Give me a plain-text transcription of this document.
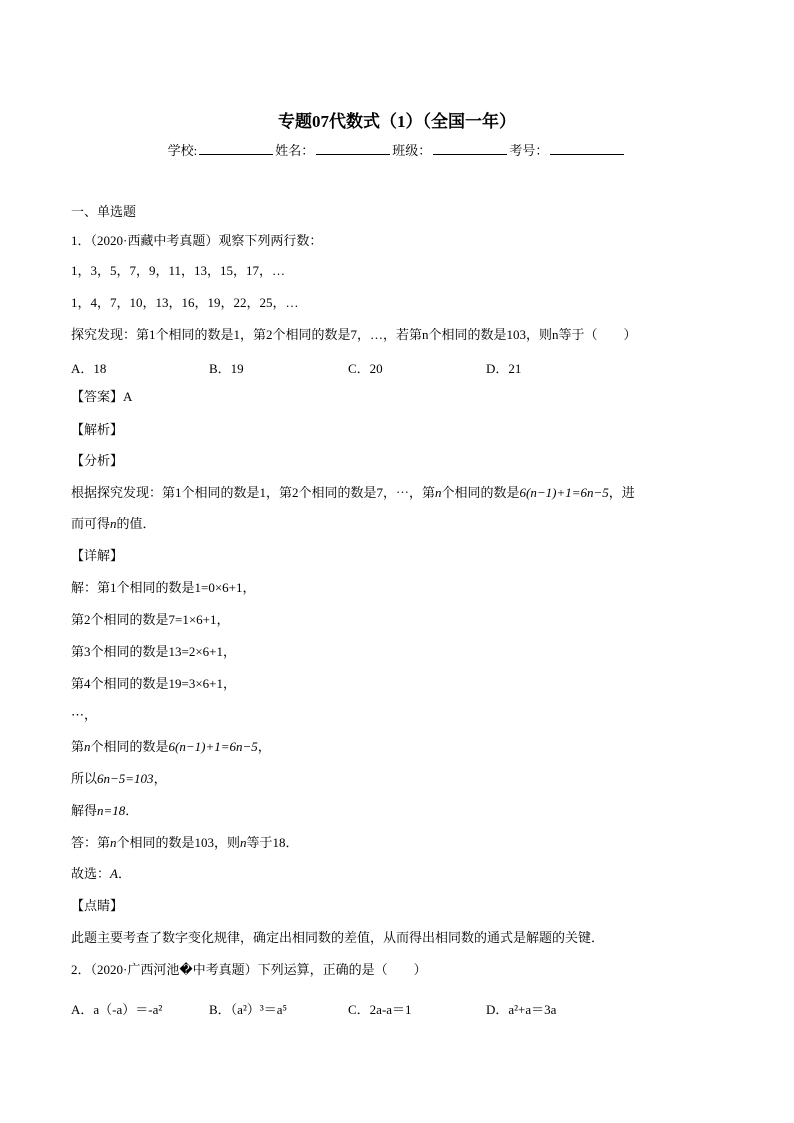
专题07代数式（1）（全国一年）
学校:	姓名：	班级：	考号：
一、单选题
1．（2020·西藏中考真题）观察下列两行数：
1，3，5，7，9，11，13，15，17，…
1，4，7，10，13，16，19，22，25，…
探究发现：第1个相同的数是1，第2个相同的数是7，…，若第n个相同的数是103，则n等于（　　）
A．18	B．19	C．20	D．21
【答案】A
【解析】
【分析】
根据探究发现：第1个相同的数是1，第2个相同的数是7，⋯，第n个相同的数是6(n−1)+1=6n−5，进
而可得n的值．
【详解】
解：第1个相同的数是1=0×6+1，
第2个相同的数是7=1×6+1，
第3个相同的数是13=2×6+1，
第4个相同的数是19=3×6+1，
⋯，
第n个相同的数是6(n−1)+1=6n−5，
所以6n−5=103，
解得n=18．
答：第n个相同的数是103，则n等于18．
故选：A．
【点睛】
此题主要考查了数字变化规律，确定出相同数的差值，从而得出相同数的通式是解题的关键．
2．（2020·广西河池�中考真题）下列运算，正确的是（　　）
A．a（-a）＝-a²	B．（a²）³＝a⁵	C．2a-a＝1	D．a²+a＝3a
